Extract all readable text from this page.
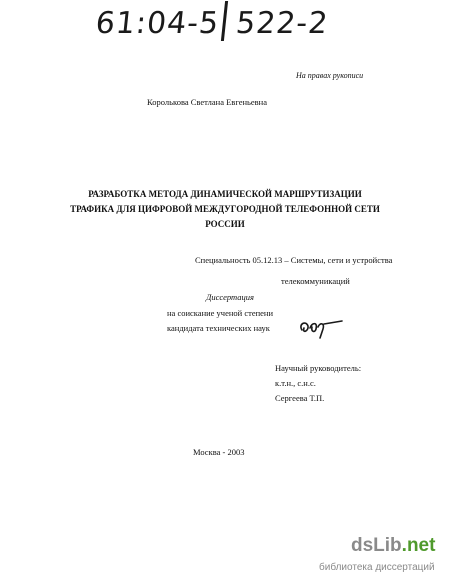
61:04-5 522-2
На правах рукописи
Королькова Светлана Евгеньевна
РАЗРАБОТКА МЕТОДА ДИНАМИЧЕСКОЙ МАРШРУТИЗАЦИИ
ТРАФИКА ДЛЯ ЦИФРОВОЙ МЕЖДУГОРОДНОЙ ТЕЛЕФОННОЙ СЕТИ
РОССИИ
Специальность 05.12.13 – Системы, сети и устройства
телекоммуникаций
Диссертация
на соискание ученой степени
кандидата технических наук
Научный руководитель:
к.т.н., с.н.с.
Сергеева Т.П.
Москва - 2003
dsLib.net
библиотека диссертаций
